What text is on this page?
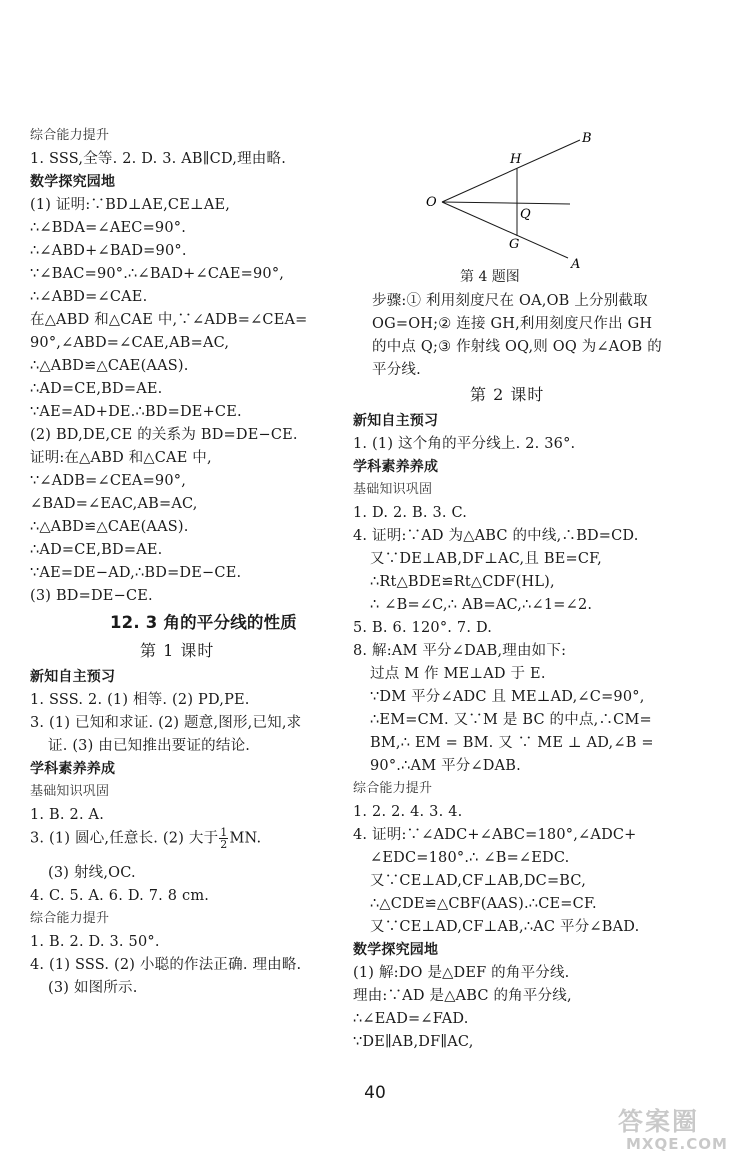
综合能力提升
1. SSS,全等. 2. D. 3. AB∥CD,理由略.
数学探究园地
(1) 证明:∵BD⊥AE,CE⊥AE,
∴∠BDA=∠AEC=90°.
∴∠ABD+∠BAD=90°.
∵∠BAC=90°.∴∠BAD+∠CAE=90°,
∴∠ABD=∠CAE.
在△ABD 和△CAE 中,∵∠ADB=∠CEA=
90°,∠ABD=∠CAE,AB=AC,
∴△ABD≌△CAE(AAS).
∴AD=CE,BD=AE.
∵AE=AD+DE.∴BD=DE+CE.
(2) BD,DE,CE 的关系为 BD=DE−CE.
证明:在△ABD 和△CAE 中,
∵∠ADB=∠CEA=90°,
∠BAD=∠EAC,AB=AC,
∴△ABD≌△CAE(AAS).
∴AD=CE,BD=AE.
∵AE=DE−AD,∴BD=DE−CE.
(3) BD=DE−CE.
12. 3 角的平分线的性质
第 1 课时
新知自主预习
1. SSS. 2. (1) 相等. (2) PD,PE.
3. (1) 已知和求证. (2) 题意,图形,已知,求
证. (3) 由已知推出要证的结论.
学科素养养成
基础知识巩固
1. B. 2. A.
3. (1) 圆心,任意长. (2) 大于 $\frac{1}{2}$ MN.
(3) 射线,OC.
4. C. 5. A. 6. D. 7. 8 cm.
综合能力提升
1. B. 2. D. 3. 50°.
4. (1) SSS. (2) 小聪的作法正确. 理由略.
(3) 如图所示.
步骤:① 利用刻度尺在 OA,OB 上分别截取
OG=OH;② 连接 GH,利用刻度尺作出 GH
的中点 Q;③ 作射线 OQ,则 OQ 为∠AOB 的
平分线.
第 2 课时
新知自主预习
1. (1) 这个角的平分线上. 2. 36°.
学科素养养成
基础知识巩固
1. D. 2. B. 3. C.
4. 证明:∵AD 为△ABC 的中线,∴BD=CD.
又∵DE⊥AB,DF⊥AC,且 BE=CF,
∴Rt△BDE≌Rt△CDF(HL),
∴ ∠B=∠C,∴ AB=AC,∴∠1=∠2.
5. B. 6. 120°. 7. D.
8. 解:AM 平分∠DAB,理由如下:
过点 M 作 ME⊥AD 于 E.
∵DM 平分∠ADC 且 ME⊥AD,∠C=90°,
∴EM=CM. 又∵M 是 BC 的中点,∴CM=
BM,∴ EM = BM. 又 ∵ ME ⊥ AD,∠B =
90°.∴AM 平分∠DAB.
综合能力提升
1. 2. 2. 4. 3. 4.
4. 证明:∵∠ADC+∠ABC=180°,∠ADC+
∠EDC=180°.∴ ∠B=∠EDC.
又∵CE⊥AD,CF⊥AB,DC=BC,
∴△CDE≌△CBF(AAS).∴CE=CF.
又∵CE⊥AD,CF⊥AB,∴AC 平分∠BAD.
数学探究园地
(1) 解:DO 是△DEF 的角平分线.
理由:∵AD 是△ABC 的角平分线,
∴∠EAD=∠FAD.
∵DE∥AB,DF∥AC,
B
H
O
Q
G
A
第 4 题图
40
答案圈
MXQE.COM
